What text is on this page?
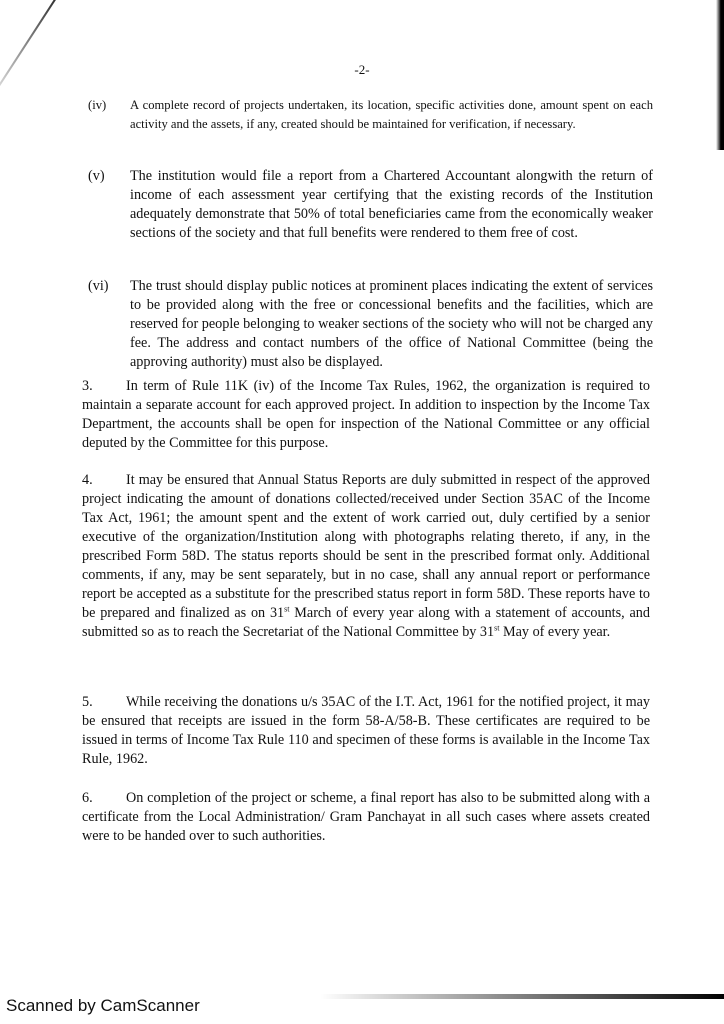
-2-
(iv) A complete record of projects undertaken, its location, specific activities done, amount spent on each activity and the assets, if any, created should be maintained for verification, if necessary.
(v) The institution would file a report from a Chartered Accountant alongwith the return of income of each assessment year certifying that the existing records of the Institution adequately demonstrate that 50% of total beneficiaries came from the economically weaker sections of the society and that full benefits were rendered to them free of cost.
(vi) The trust should display public notices at prominent places indicating the extent of services to be provided along with the free or concessional benefits and the facilities, which are reserved for people belonging to weaker sections of the society who will not be charged any fee. The address and contact numbers of the office of National Committee (being the approving authority) must also be displayed.
3.	In term of Rule 11K (iv) of the Income Tax Rules, 1962, the organization is required to maintain a separate account for each approved project. In addition to inspection by the Income Tax Department, the accounts shall be open for inspection of the National Committee or any official deputed by the Committee for this purpose.
4.	It may be ensured that Annual Status Reports are duly submitted in respect of the approved project indicating the amount of donations collected/received under Section 35AC of the Income Tax Act, 1961; the amount spent and the extent of work carried out, duly certified by a senior executive of the organization/Institution along with photographs relating thereto, if any, in the prescribed Form 58D. The status reports should be sent in the prescribed format only. Additional comments, if any, may be sent separately, but in no case, shall any annual report or performance report be accepted as a substitute for the prescribed status report in form 58D. These reports have to be prepared and finalized as on 31st March of every year along with a statement of accounts, and submitted so as to reach the Secretariat of the National Committee by 31st May of every year.
5.	While receiving the donations u/s 35AC of the I.T. Act, 1961 for the notified project, it may be ensured that receipts are issued in the form 58-A/58-B. These certificates are required to be issued in terms of Income Tax Rule 110 and specimen of these forms is available in the Income Tax Rule, 1962.
6.	On completion of the project or scheme, a final report has also to be submitted along with a certificate from the Local Administration/ Gram Panchayat in all such cases where assets created were to be handed over to such authorities.
Scanned by CamScanner
